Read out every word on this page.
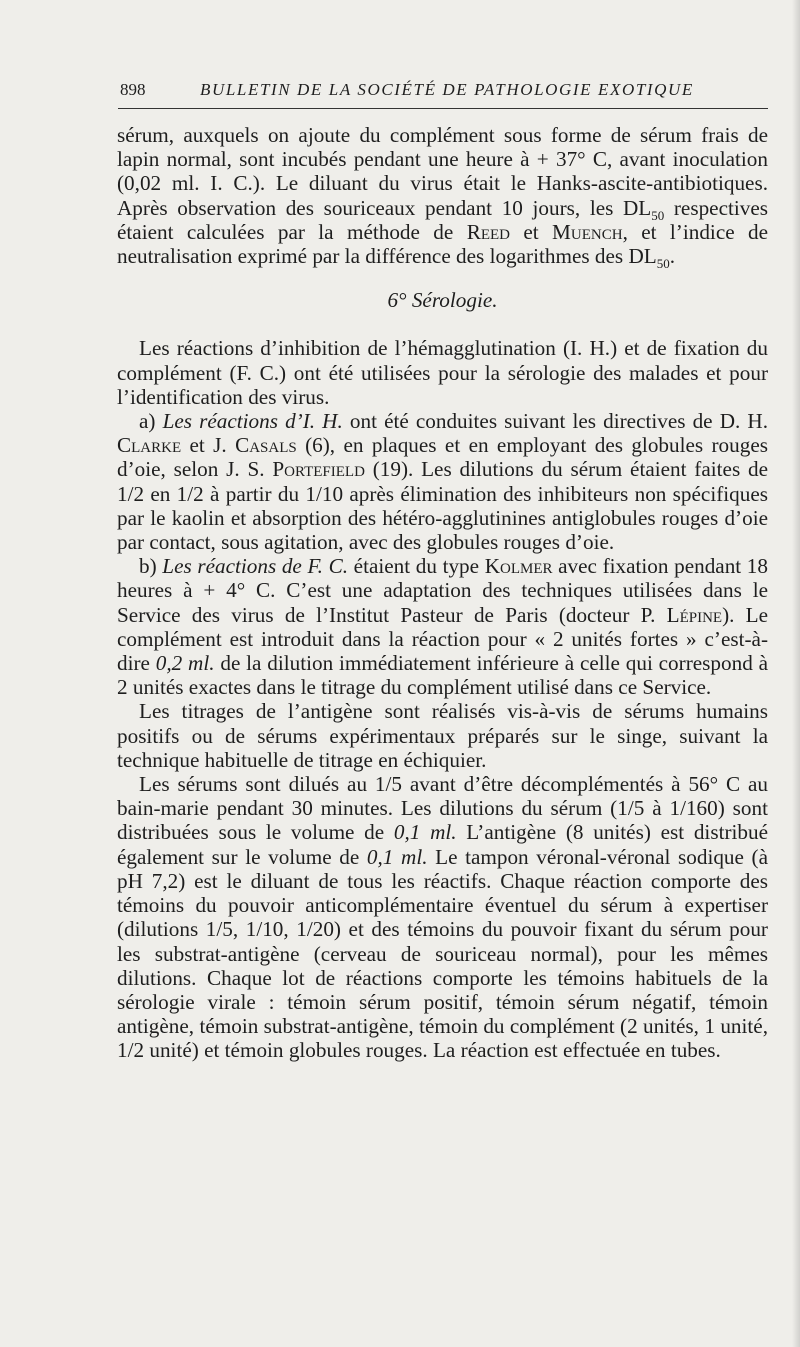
898	BULLETIN DE LA SOCIÉTÉ DE PATHOLOGIE EXOTIQUE

sérum, auxquels on ajoute du complément sous forme de sérum frais de lapin normal, sont incubés pendant une heure à + 37° C, avant inoculation (0,02 ml. I. C.). Le diluant du virus était le Hanks-ascite-antibiotiques. Après observation des souriceaux pendant 10 jours, les $DL_{50}$ respectives étaient calculées par la méthode de Reed et Muench, et l’indice de neutralisation exprimé par la différence des logarithmes des $DL_{50}$.

6° Sérologie.

Les réactions d’inhibition de l’hémagglutination (I. H.) et de fixation du complément (F. C.) ont été utilisées pour la sérologie des malades et pour l’identification des virus.

a) Les réactions d’I. H. ont été conduites suivant les directives de D. H. Clarke et J. Casals (6), en plaques et en employant des globules rouges d’oie, selon J. S. Portefield (19). Les dilutions du sérum étaient faites de 1/2 en 1/2 à partir du 1/10 après élimination des inhibiteurs non spécifiques par le kaolin et absorption des hétéro-agglutinines antiglobules rouges d’oie par contact, sous agitation, avec des globules rouges d’oie.

b) Les réactions de F. C. étaient du type Kolmer avec fixation pendant 18 heures à + 4° C. C’est une adaptation des techniques utilisées dans le Service des virus de l’Institut Pasteur de Paris (docteur P. Lépine). Le complément est introduit dans la réaction pour « 2 unités fortes » c’est-à-dire 0,2 ml. de la dilution immédiatement inférieure à celle qui correspond à 2 unités exactes dans le titrage du complément utilisé dans ce Service.

Les titrages de l’antigène sont réalisés vis-à-vis de sérums humains positifs ou de sérums expérimentaux préparés sur le singe, suivant la technique habituelle de titrage en échiquier.

Les sérums sont dilués au 1/5 avant d’être décomplémentés à 56° C au bain-marie pendant 30 minutes. Les dilutions du sérum (1/5 à 1/160) sont distribuées sous le volume de 0,1 ml. L’antigène (8 unités) est distribué également sur le volume de 0,1 ml. Le tampon véronal-véronal sodique (à pH 7,2) est le diluant de tous les réactifs. Chaque réaction comporte des témoins du pouvoir anticomplémentaire éventuel du sérum à expertiser (dilutions 1/5, 1/10, 1/20) et des témoins du pouvoir fixant du sérum pour les substrat-antigène (cerveau de souriceau normal), pour les mêmes dilutions. Chaque lot de réactions comporte les témoins habituels de la sérologie virale : témoin sérum positif, témoin sérum négatif, témoin antigène, témoin substrat-antigène, témoin du complément (2 unités, 1 unité, 1/2 unité) et témoin globules rouges. La réaction est effectuée en tubes.
